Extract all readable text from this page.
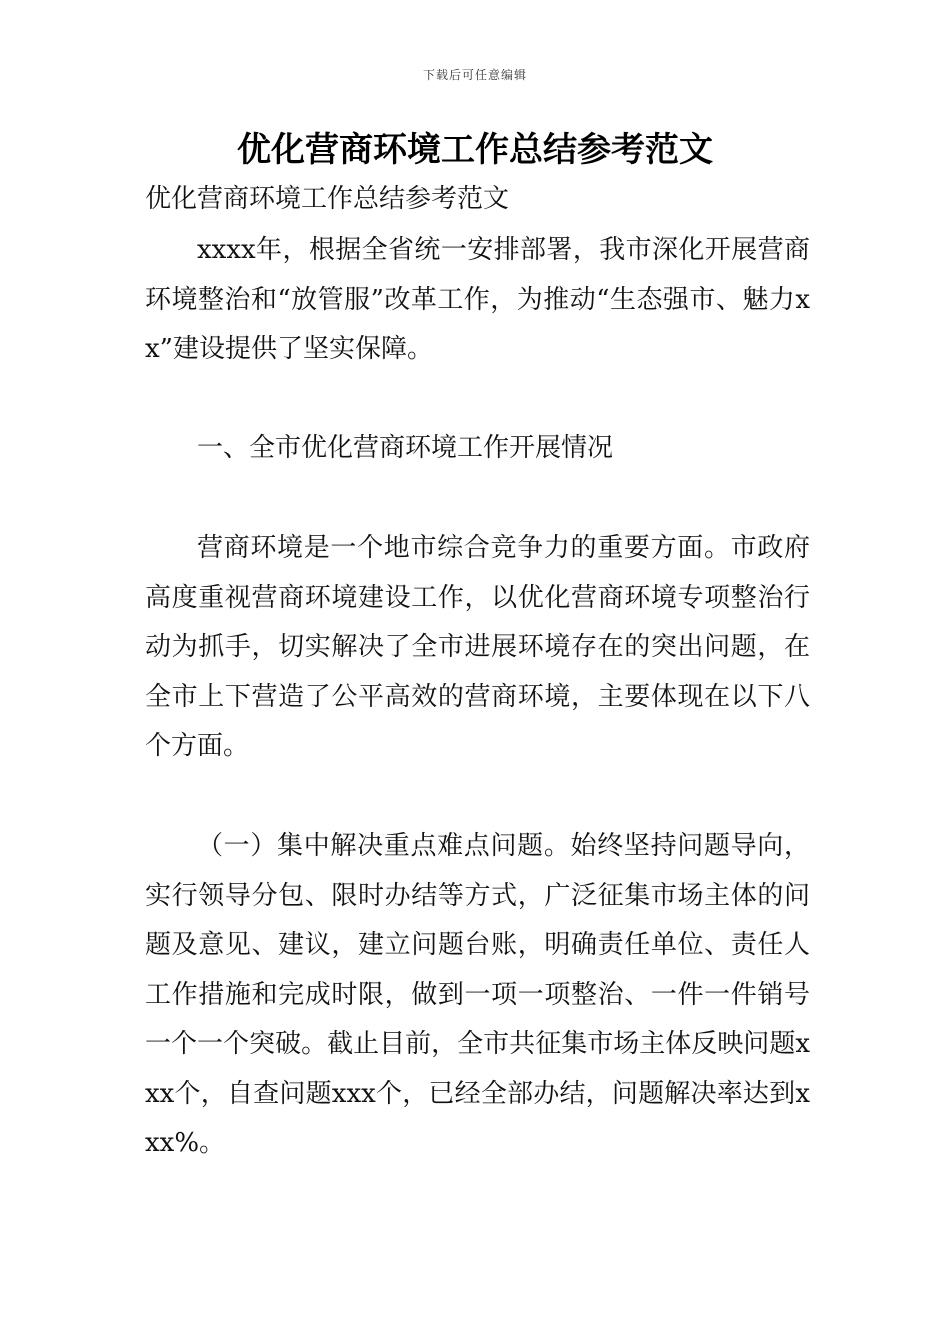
下载后可任意编辑
优化营商环境工作总结参考范文

优化营商环境工作总结参考范文

xxxx年，根据全省统一安排部署，我市深化开展营商环境整治和“放管服”改革工作，为推动“生态强市、魅力xx”建设提供了坚实保障。

一、全市优化营商环境工作开展情况

营商环境是一个地市综合竞争力的重要方面。市政府高度重视营商环境建设工作，以优化营商环境专项整治行动为抓手，切实解决了全市进展环境存在的突出问题，在全市上下营造了公平高效的营商环境，主要体现在以下八个方面。

（一）集中解决重点难点问题。始终坚持问题导向，实行领导分包、限时办结等方式，广泛征集市场主体的问题及意见、建议，建立问题台账，明确责任单位、责任人工作措施和完成时限，做到一项一项整治、一件一件销号一个一个突破。截止目前，全市共征集市场主体反映问题xxx个，自查问题xxx个，已经全部办结，问题解决率达到xxx%。
